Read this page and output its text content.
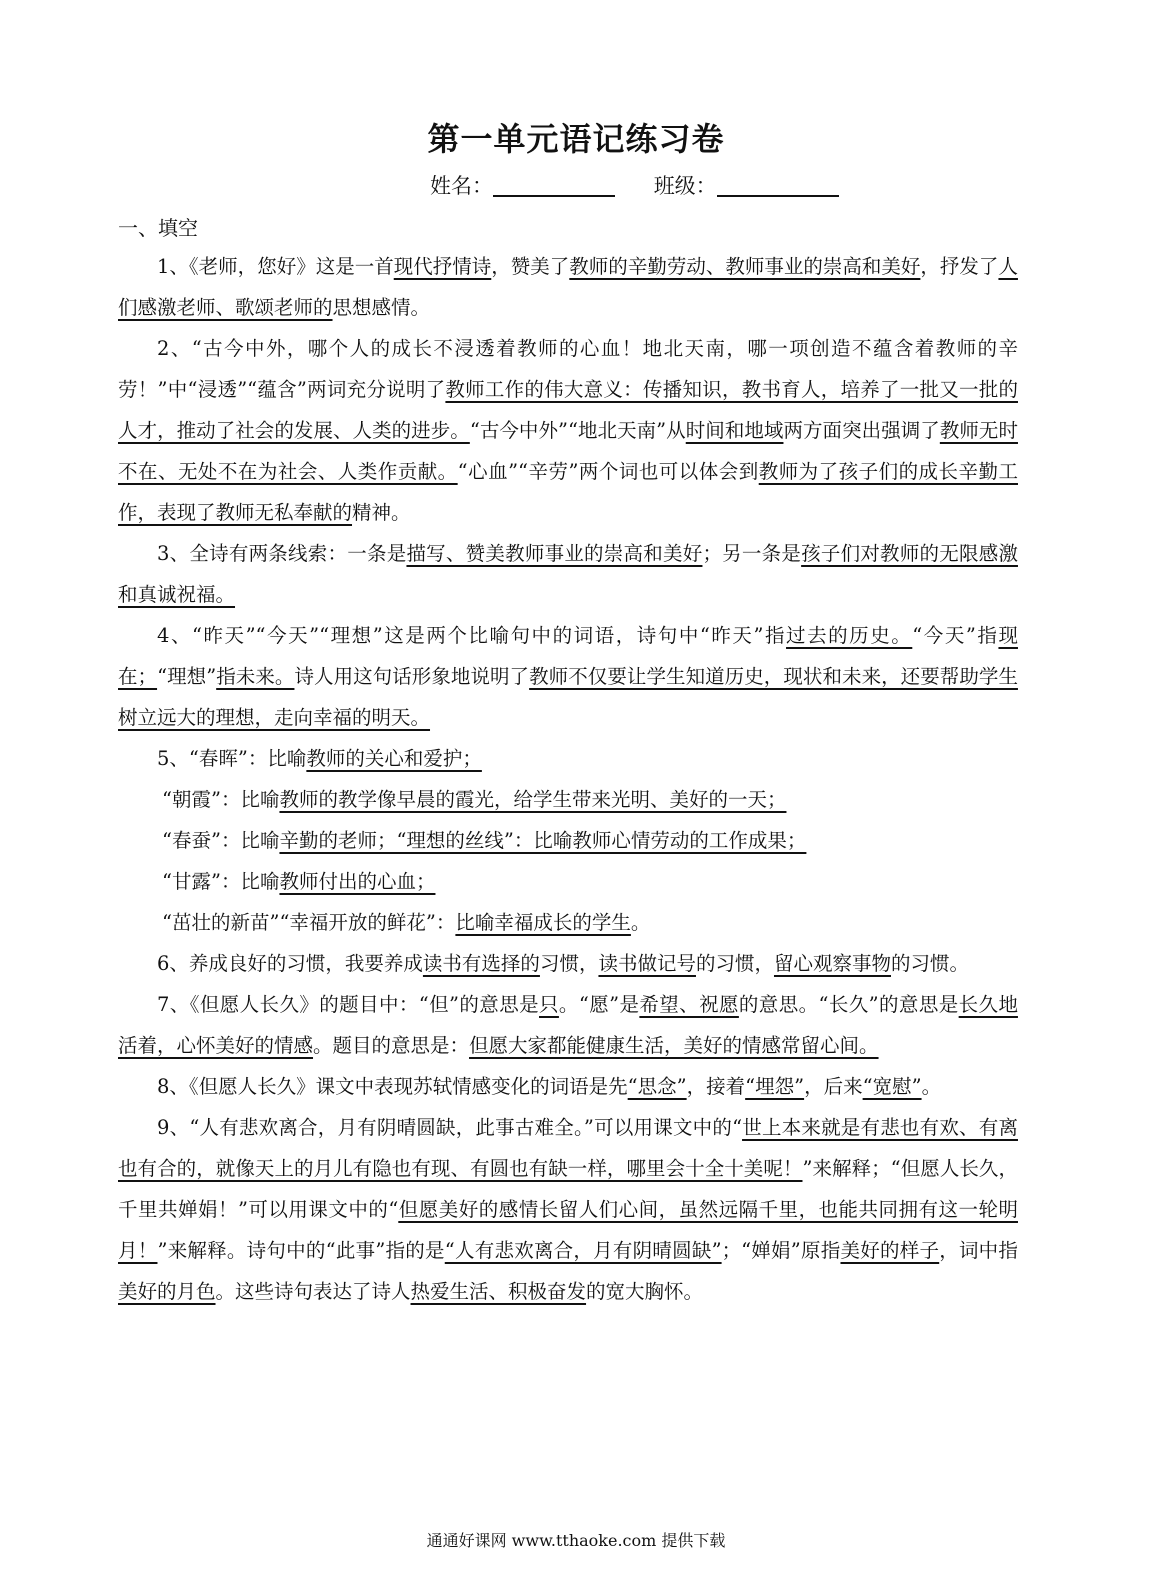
第一单元语记练习卷
姓名：	班级：
一、填空

1、《老师，您好》这是一首现代抒情诗，赞美了教师的辛勤劳动、教师事业的崇高和美好，抒发了人们感激老师、歌颂老师的思想感情。

2、“古今中外，哪个人的成长不浸透着教师的心血！地北天南，哪一项创造不蕴含着教师的辛劳！”中“浸透”“蕴含”两词充分说明了教师工作的伟大意义：传播知识，教书育人，培养了一批又一批的人才，推动了社会的发展、人类的进步。“古今中外”“地北天南”从时间和地域两方面突出强调了教师无时不在、无处不在为社会、人类作贡献。“心血”“辛劳”两个词也可以体会到教师为了孩子们的成长辛勤工作，表现了教师无私奉献的精神。

3、全诗有两条线索：一条是描写、赞美教师事业的崇高和美好；另一条是孩子们对教师的无限感激和真诚祝福。

4、“昨天”“今天”“理想”这是两个比喻句中的词语，诗句中“昨天”指过去的历史。“今天”指现在；“理想”指未来。诗人用这句话形象地说明了教师不仅要让学生知道历史，现状和未来，还要帮助学生树立远大的理想，走向幸福的明天。

5、“春晖”：比喻教师的关心和爱护；

“朝霞”：比喻教师的教学像早晨的霞光，给学生带来光明、美好的一天；

“春蚕”：比喻辛勤的老师；“理想的丝线”：比喻教师心情劳动的工作成果；

“甘露”：比喻教师付出的心血；

“茁壮的新苗”“幸福开放的鲜花”：比喻幸福成长的学生。

6、养成良好的习惯，我要养成读书有选择的习惯，读书做记号的习惯，留心观察事物的习惯。

7、《但愿人长久》的题目中：“但”的意思是只。“愿”是希望、祝愿的意思。“长久”的意思是长久地活着，心怀美好的情感。题目的意思是：但愿大家都能健康生活，美好的情感常留心间。

8、《但愿人长久》课文中表现苏轼情感变化的词语是先“思念”，接着“埋怨”，后来“宽慰”。

9、“人有悲欢离合，月有阴晴圆缺，此事古难全。”可以用课文中的“世上本来就是有悲也有欢、有离也有合的，就像天上的月儿有隐也有现、有圆也有缺一样，哪里会十全十美呢！”来解释；“但愿人长久，千里共婵娟！”可以用课文中的“但愿美好的感情长留人们心间，虽然远隔千里，也能共同拥有这一轮明月！”来解释。诗句中的“此事”指的是“人有悲欢离合，月有阴晴圆缺”；“婵娟”原指美好的样子，词中指美好的月色。这些诗句表达了诗人热爱生活、积极奋发的宽大胸怀。

通通好课网 www.tthaoke.com 提供下载
